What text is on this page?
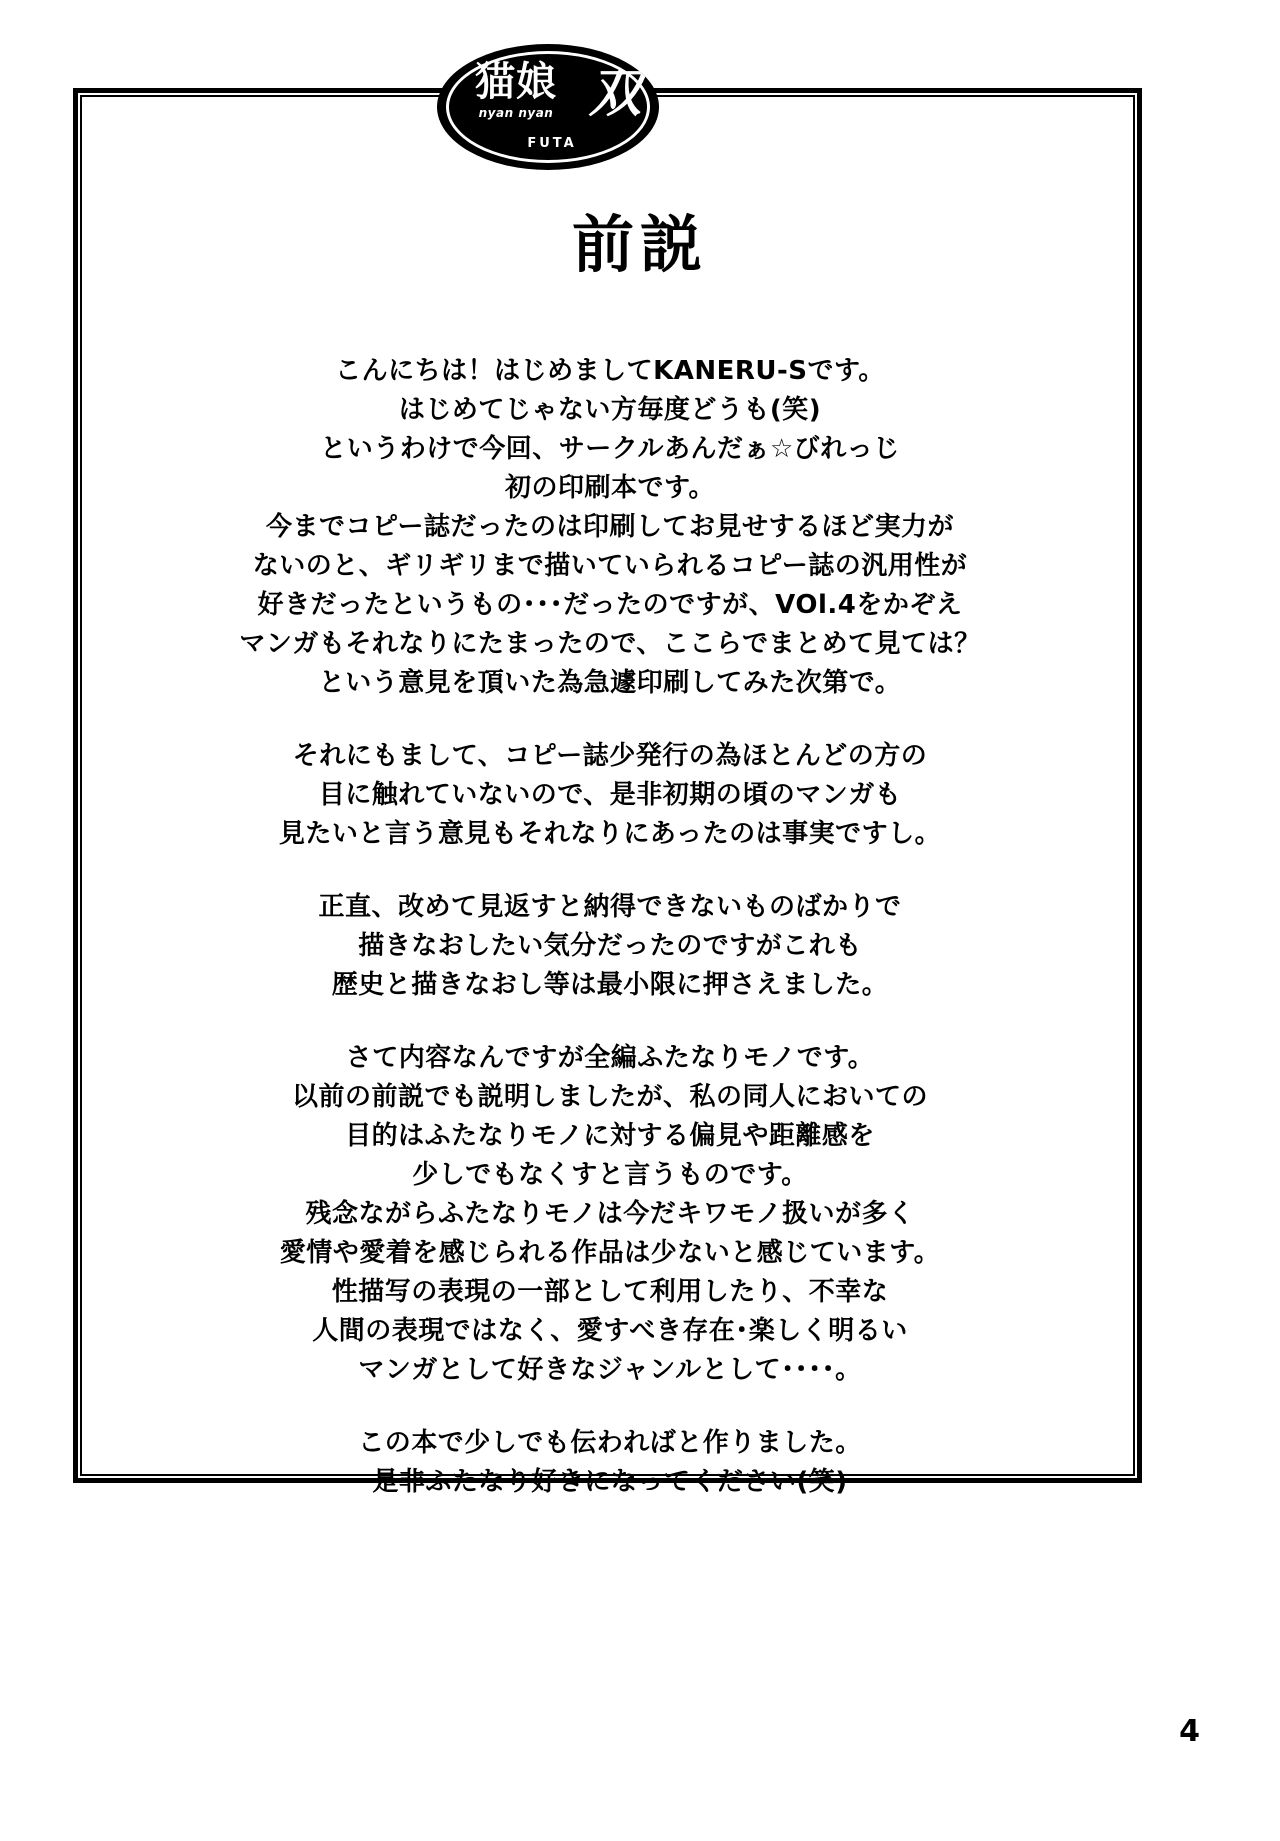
猫娘
nyan nyan
FUTA
双
前説
こんにちは！はじめましてKANERU-Sです。
はじめてじゃない方毎度どうも(笑)
というわけで今回、サークルあんだぁ☆びれっじ
初の印刷本です。
今までコピー誌だったのは印刷してお見せするほど実力が
ないのと、ギリギリまで描いていられるコピー誌の汎用性が
好きだったというもの･･･だったのですが、VOl.4をかぞえ
マンガもそれなりにたまったので、ここらでまとめて見ては？
という意見を頂いた為急遽印刷してみた次第で。
それにもまして、コピー誌少発行の為ほとんどの方の
目に触れていないので、是非初期の頃のマンガも
見たいと言う意見もそれなりにあったのは事実ですし。
正直、改めて見返すと納得できないものばかりで
描きなおしたい気分だったのですがこれも
歴史と描きなおし等は最小限に押さえました。
さて内容なんですが全編ふたなりモノです。
以前の前説でも説明しましたが、私の同人においての
目的はふたなりモノに対する偏見や距離感を
少しでもなくすと言うものです。
残念ながらふたなりモノは今だキワモノ扱いが多く
愛情や愛着を感じられる作品は少ないと感じています。
性描写の表現の一部として利用したり、不幸な
人間の表現ではなく、愛すべき存在･楽しく明るい
マンガとして好きなジャンルとして････。
この本で少しでも伝わればと作りました。
是非ふたなり好きになってください(笑)
4
